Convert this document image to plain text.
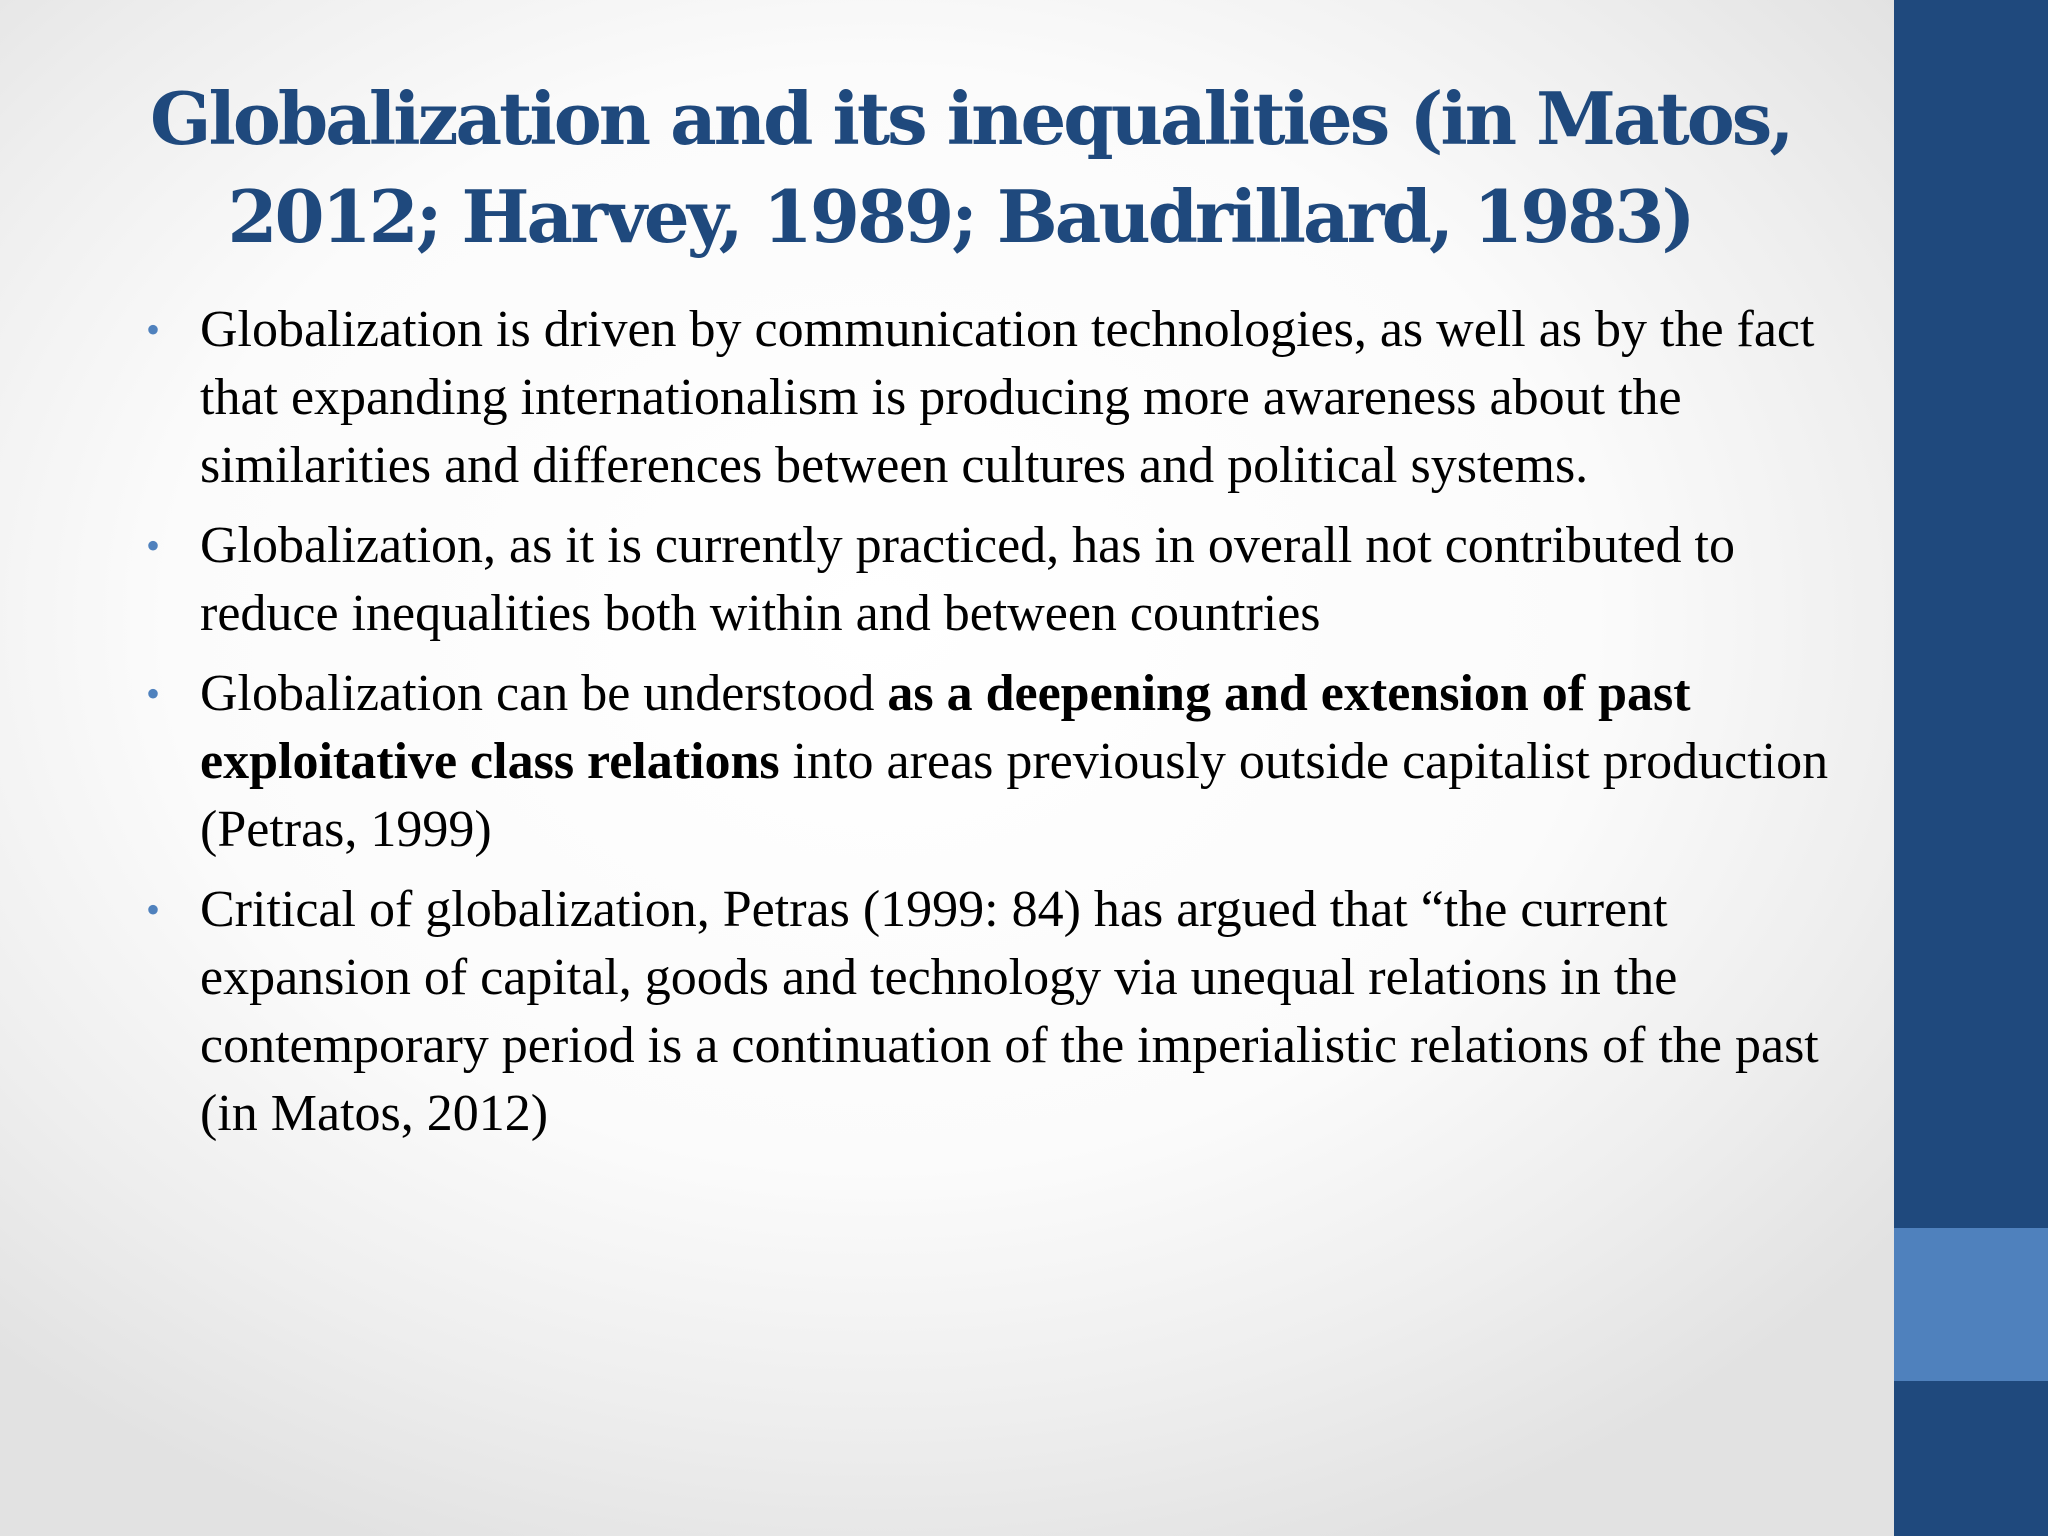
Globalization and its inequalities (in Matos,
2012; Harvey, 1989; Baudrillard, 1983)
• Globalization is driven by communication technologies, as well as by the fact that expanding internationalism is producing more awareness about the similarities and differences between cultures and political systems.
• Globalization, as it is currently practiced, has in overall not contributed to reduce inequalities both within and between countries
• Globalization can be understood as a deepening and extension of past exploitative class relations into areas previously outside capitalist production (Petras, 1999)
• Critical of globalization, Petras (1999: 84) has argued that “the current expansion of capital, goods and technology via unequal relations in the contemporary period is a continuation of the imperialistic relations of the past (in Matos, 2012)
